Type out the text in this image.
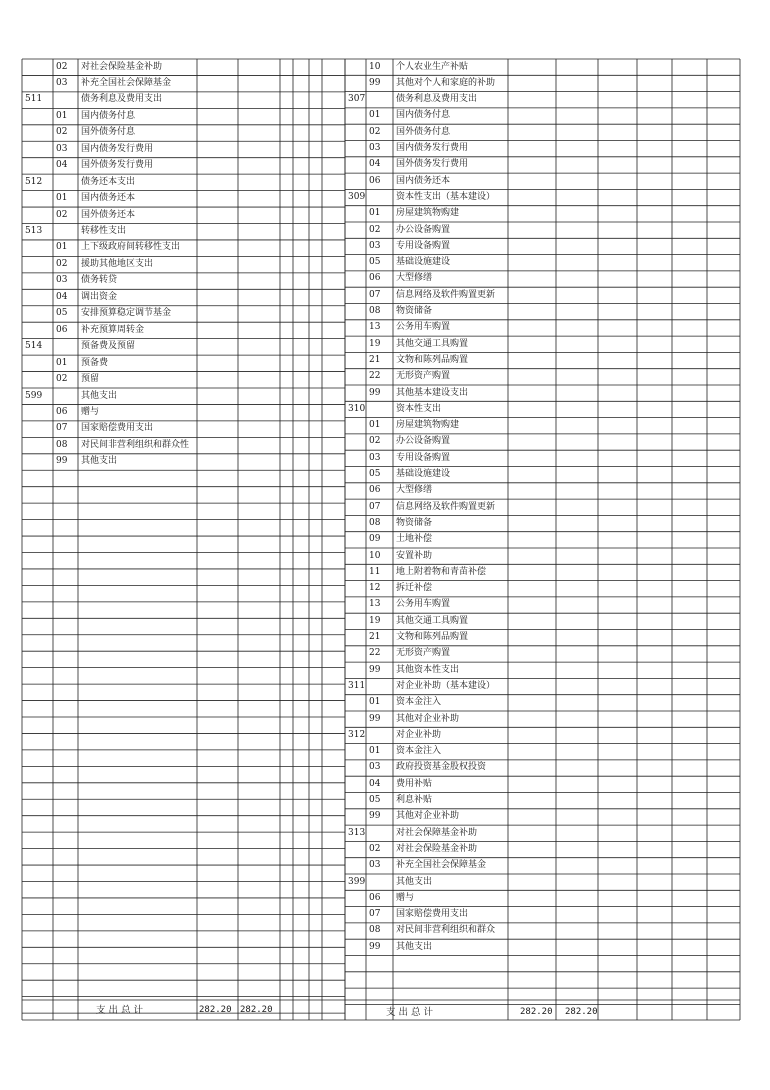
02 对社会保险基金补助
03 补充全国社会保障基金
511	债务利息及费用支出
01 国内债务付息
02 国外债务付息
03 国内债务发行费用
04 国外债务发行费用
512	债务还本支出
01 国内债务还本
02 国外债务还本
513	转移性支出
01 上下级政府间转移性支出
02 援助其他地区支出
03 债务转贷
04 调出资金
05 安排预算稳定调节基金
06 补充预算周转金
514	预备费及预留
01 预备费
02 预留
599	其他支出
06 赠与
07 国家赔偿费用支出
08 对民间非营利组织和群众性
99 其他支出
10 个人农业生产补贴
99 其他对个人和家庭的补助
307	债务利息及费用支出
01 国内债务付息
02 国外债务付息
03 国内债务发行费用
04 国外债务发行费用
06 国内债务还本
309	资本性支出（基本建设）
01 房屋建筑物购建
02 办公设备购置
03 专用设备购置
05 基础设施建设
06 大型修缮
07 信息网络及软件购置更新
08 物资储备
13 公务用车购置
19 其他交通工具购置
21 文物和陈列品购置
22 无形资产购置
99 其他基本建设支出
310	资本性支出
01 房屋建筑物购建
02 办公设备购置
03 专用设备购置
05 基础设施建设
06 大型修缮
07 信息网络及软件购置更新
08 物资储备
09 土地补偿
10 安置补助
11 地上附着物和青苗补偿
12 拆迁补偿
13 公务用车购置
19 其他交通工具购置
21 文物和陈列品购置
22 无形资产购置
99 其他资本性支出
311	对企业补助（基本建设）
01 资本金注入
99 其他对企业补助
312	对企业补助
01 资本金注入
03 政府投资基金股权投资
04 费用补贴
05 利息补贴
99 其他对企业补助
313	对社会保障基金补助
02 对社会保险基金补助
03 补充全国社会保障基金
399	其他支出
06 赠与
07 国家赔偿费用支出
08 对民间非营利组织和群众
99 其他支出
支 出 总 计	282.20 282.20	支 出 总 计	282.20 282.20
